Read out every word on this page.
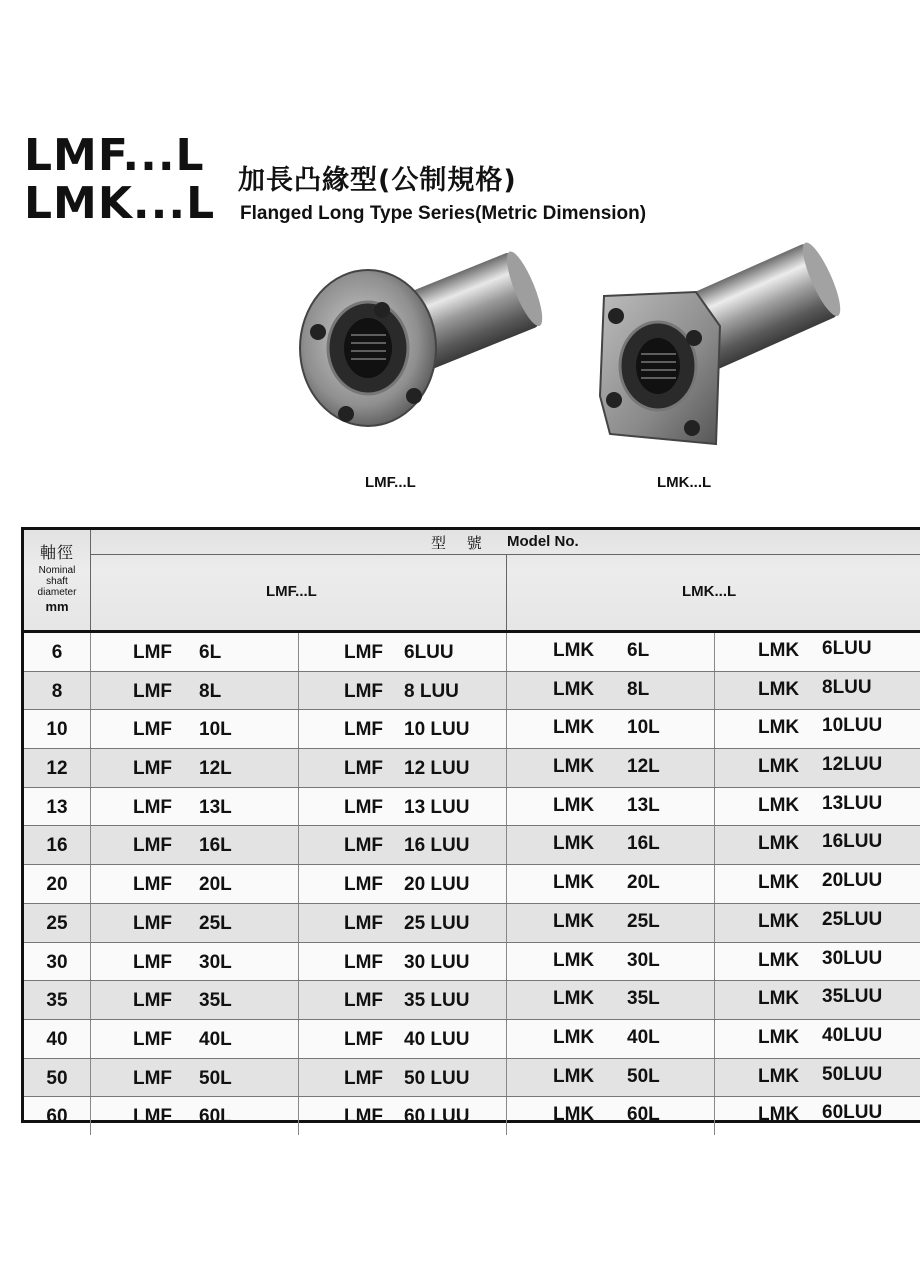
LMF...L
LMK...L 加長凸緣型(公制規格)
Flanged Long Type Series(Metric Dimension)
LMF...L	LMK...L
軸徑
Nominal
shaft
diameter
mm
型 號 Model No.
LMF...L	LMK...L
6	LMF 6L	LMF 6LUU	LMK 6L	LMK 6LUU
8	LMF 8L	LMF 8 LUU	LMK 8L	LMK 8LUU
10	LMF 10L	LMF 10 LUU	LMK 10L	LMK 10LUU
12	LMF 12L	LMF 12 LUU	LMK 12L	LMK 12LUU
13	LMF 13L	LMF 13 LUU	LMK 13L	LMK 13LUU
16	LMF 16L	LMF 16 LUU	LMK 16L	LMK 16LUU
20	LMF 20L	LMF 20 LUU	LMK 20L	LMK 20LUU
25	LMF 25L	LMF 25 LUU	LMK 25L	LMK 25LUU
30	LMF 30L	LMF 30 LUU	LMK 30L	LMK 30LUU
35	LMF 35L	LMF 35 LUU	LMK 35L	LMK 35LUU
40	LMF 40L	LMF 40 LUU	LMK 40L	LMK 40LUU
50	LMF 50L	LMF 50 LUU	LMK 50L	LMK 50LUU
60	LMF 60L	LMF 60 LUU	LMK 60L	LMK 60LUU
